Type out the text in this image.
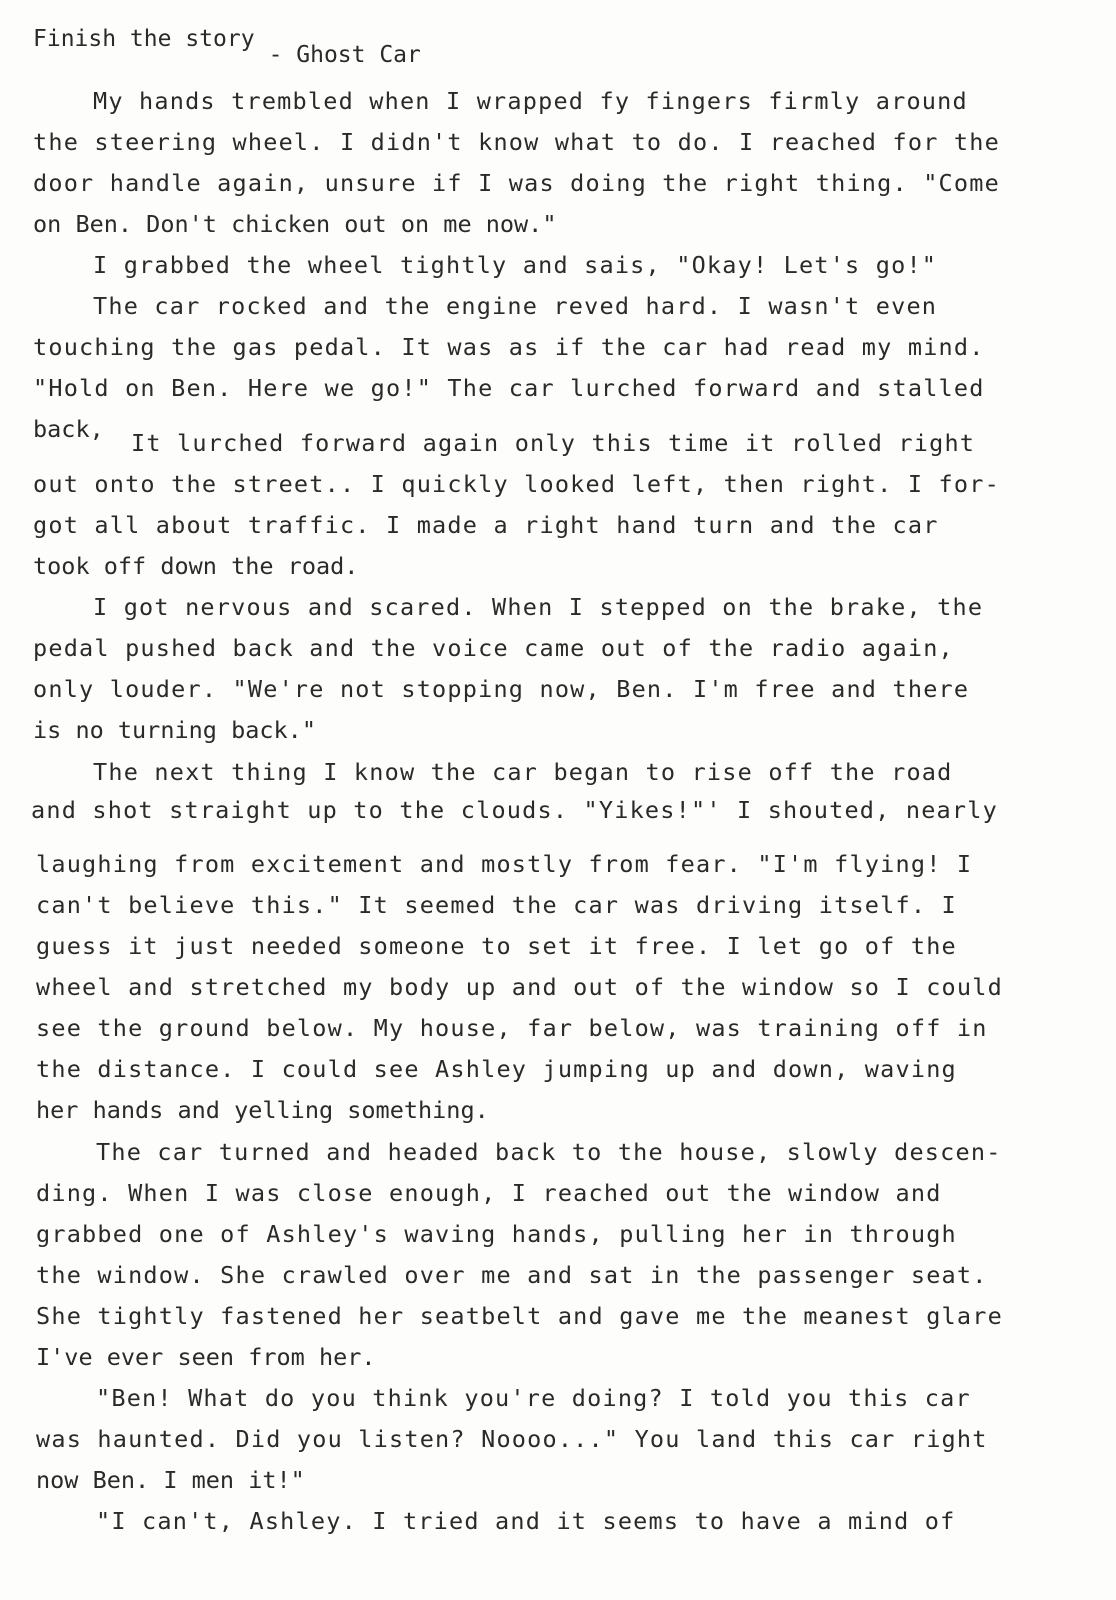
Finish the story- Ghost Car
My hands trembled when I wrapped fy fingers firmly around
the steering wheel. I didn't know what to do. I reached for the
door handle again, unsure if I was doing the right thing. "Come
on Ben. Don't chicken out on me now."
I grabbed the wheel tightly and sais, "Okay! Let's go!"
The car rocked and the engine reved hard. I wasn't even
touching the gas pedal. It was as if the car had read my mind.
"Hold on Ben. Here we go!" The car lurched forward and stalled
back, It lurched forward again only this time it rolled right
out onto the street.. I quickly looked left, then right. I for-
got all about traffic. I made a right hand turn and the car
took off down the road.
I got nervous and scared. When I stepped on the brake, the
pedal pushed back and the voice came out of the radio again,
only louder. "We're not stopping now, Ben. I'm free and there
is no turning back."
The next thing I know the car began to rise off the road
and shot straight up to the clouds. "Yikes!"' I shouted, nearly
laughing from excitement and mostly from fear. "I'm flying! I
can't believe this." It seemed the car was driving itself. I
guess it just needed someone to set it free. I let go of the
wheel and stretched my body up and out of the window so I could
see the ground below. My house, far below, was training off in
the distance. I could see Ashley jumping up and down, waving
her hands and yelling something.
The car turned and headed back to the house, slowly descen-
ding. When I was close enough, I reached out the window and
grabbed one of Ashley's waving hands, pulling her in through
the window. She crawled over me and sat in the passenger seat.
She tightly fastened her seatbelt and gave me the meanest glare
I've ever seen from her.
"Ben! What do you think you're doing? I told you this car
was haunted. Did you listen? Noooo..." You land this car right
now Ben. I men it!"
"I can't, Ashley. I tried and it seems to have a mind of
